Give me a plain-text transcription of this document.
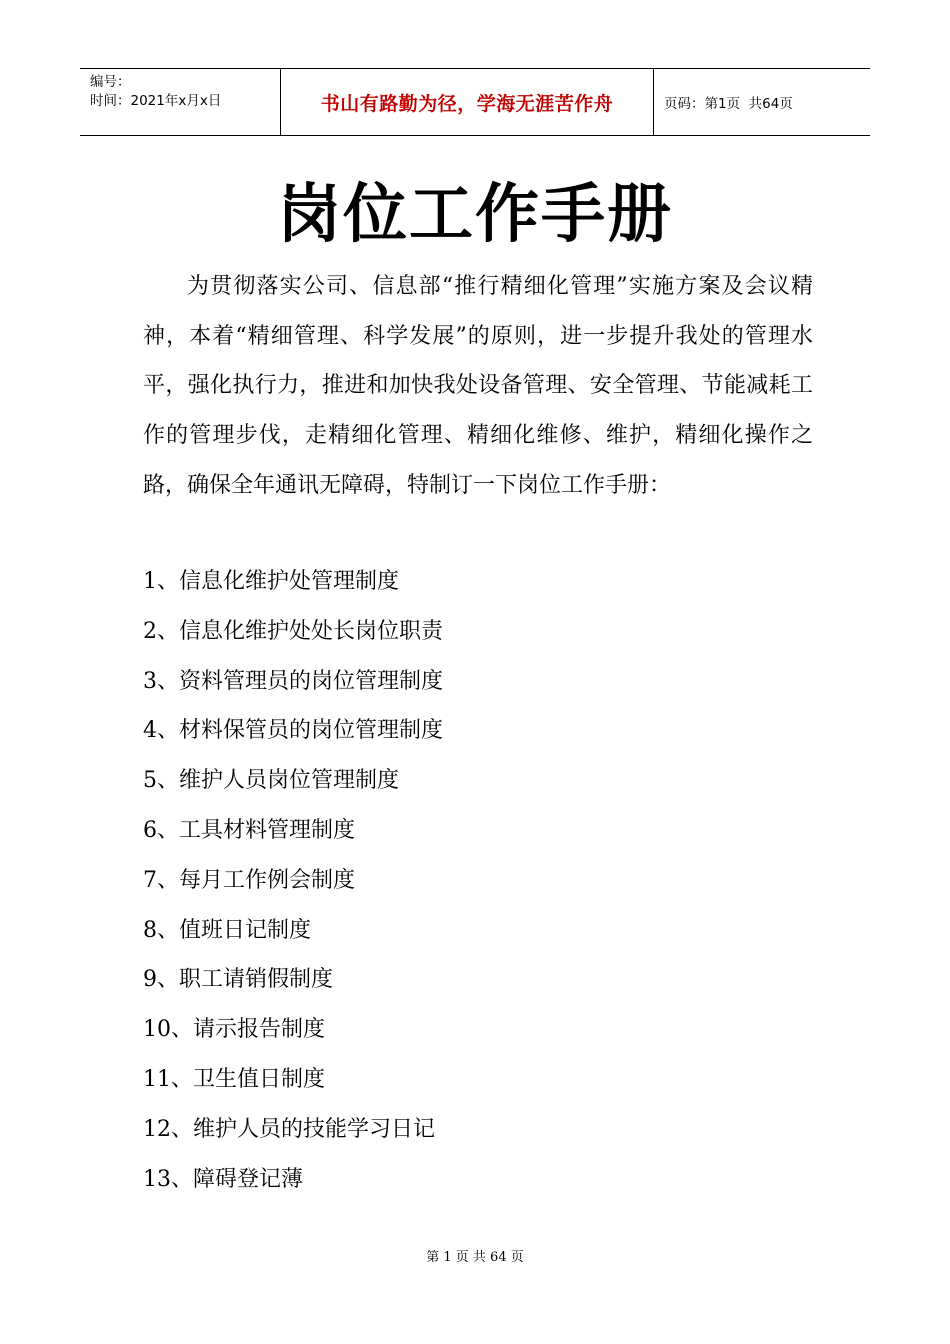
编号：
时间：2021年x月x日	书山有路勤为径，学海无涯苦作舟	页码：第1页  共64页
岗位工作手册

为贯彻落实公司、信息部“推行精细化管理”实施方案及会议精神，本着“精细管理、科学发展”的原则，进一步提升我处的管理水平，强化执行力，推进和加快我处设备管理、安全管理、节能减耗工作的管理步伐，走精细化管理、精细化维修、维护，精细化操作之路，确保全年通讯无障碍，特制订一下岗位工作手册：

1、信息化维护处管理制度
2、信息化维护处处长岗位职责
3、资料管理员的岗位管理制度
4、材料保管员的岗位管理制度
5、维护人员岗位管理制度
6、工具材料管理制度
7、每月工作例会制度
8、值班日记制度
9、职工请销假制度
10、请示报告制度
11、卫生值日制度
12、维护人员的技能学习日记
13、障碍登记薄
第 1 页 共 64 页
